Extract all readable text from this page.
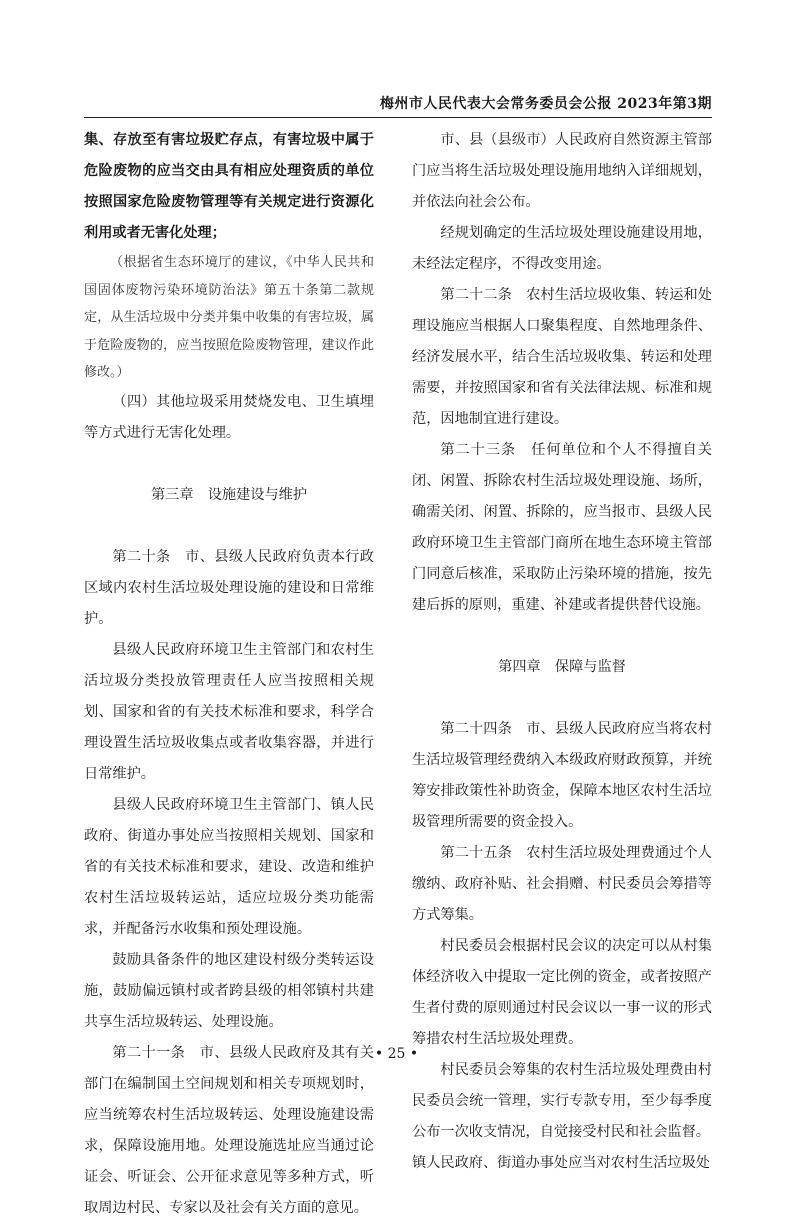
梅州市人民代表大会常务委员会公报 2023年第3期

集、存放至有害垃圾贮存点，有害垃圾中属于危险废物的应当交由具有相应处理资质的单位按照国家危险废物管理等有关规定进行资源化利用或者无害化处理；

（根据省生态环境厅的建议，《中华人民共和国固体废物污染环境防治法》第五十条第二款规定，从生活垃圾中分类并集中收集的有害垃圾，属于危险废物的，应当按照危险废物管理，建议作此修改。）

（四）其他垃圾采用焚烧发电、卫生填埋等方式进行无害化处理。

第三章　设施建设与维护

第二十条　市、县级人民政府负责本行政区域内农村生活垃圾处理设施的建设和日常维护。

县级人民政府环境卫生主管部门和农村生活垃圾分类投放管理责任人应当按照相关规划、国家和省的有关技术标准和要求，科学合理设置生活垃圾收集点或者收集容器，并进行日常维护。

县级人民政府环境卫生主管部门、镇人民政府、街道办事处应当按照相关规划、国家和省的有关技术标准和要求，建设、改造和维护农村生活垃圾转运站，适应垃圾分类功能需求，并配备污水收集和预处理设施。

鼓励具备条件的地区建设村级分类转运设施，鼓励偏远镇村或者跨县级的相邻镇村共建共享生活垃圾转运、处理设施。

第二十一条　市、县级人民政府及其有关部门在编制国土空间规划和相关专项规划时，应当统筹农村生活垃圾转运、处理设施建设需求，保障设施用地。处理设施选址应当通过论证会、听证会、公开征求意见等多种方式，听取周边村民、专家以及社会有关方面的意见。

市、县（县级市）人民政府自然资源主管部门应当将生活垃圾处理设施用地纳入详细规划，并依法向社会公布。

经规划确定的生活垃圾处理设施建设用地，未经法定程序，不得改变用途。

第二十二条　农村生活垃圾收集、转运和处理设施应当根据人口聚集程度、自然地理条件、经济发展水平，结合生活垃圾收集、转运和处理需要，并按照国家和省有关法律法规、标准和规范，因地制宜进行建设。

第二十三条　任何单位和个人不得擅自关闭、闲置、拆除农村生活垃圾处理设施、场所，确需关闭、闲置、拆除的，应当报市、县级人民政府环境卫生主管部门商所在地生态环境主管部门同意后核准，采取防止污染环境的措施，按先建后拆的原则，重建、补建或者提供替代设施。

第四章　保障与监督

第二十四条　市、县级人民政府应当将农村生活垃圾管理经费纳入本级政府财政预算，并统筹安排政策性补助资金，保障本地区农村生活垃圾管理所需要的资金投入。

第二十五条　农村生活垃圾处理费通过个人缴纳、政府补贴、社会捐赠、村民委员会筹措等方式筹集。

村民委员会根据村民会议的决定可以从村集体经济收入中提取一定比例的资金，或者按照产生者付费的原则通过村民会议以一事一议的形式筹措农村生活垃圾处理费。

村民委员会筹集的农村生活垃圾处理费由村民委员会统一管理，实行专款专用，至少每季度公布一次收支情况，自觉接受村民和社会监督。

镇人民政府、街道办事处应当对农村生活垃圾处

• 25 •
